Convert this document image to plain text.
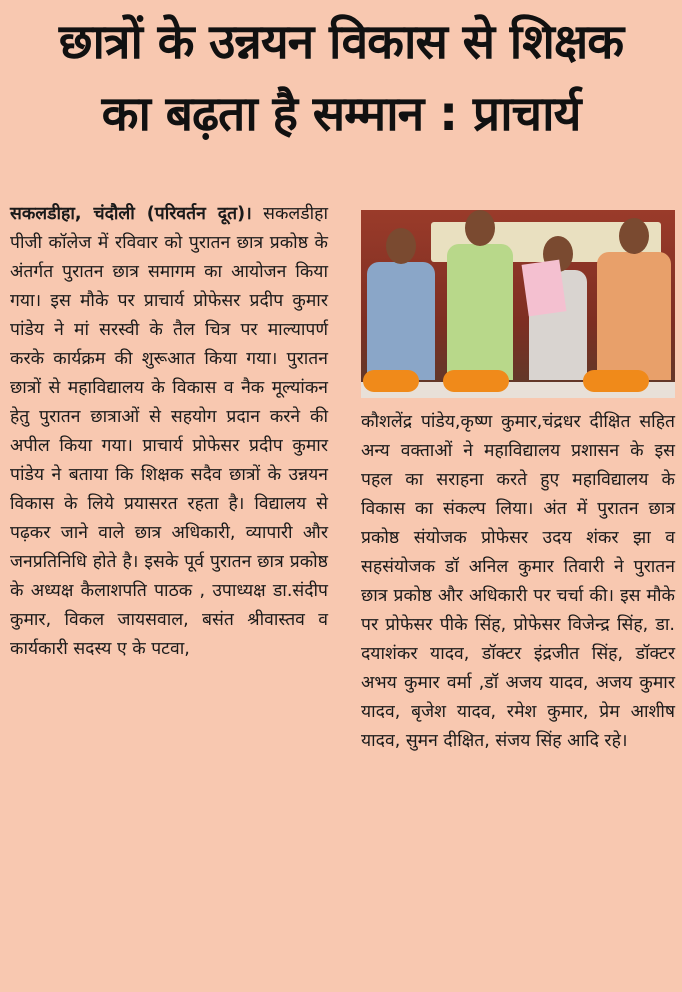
छात्रों के उन्नयन विकास से शिक्षक
का बढ़ता है सम्मान : प्राचार्य

सकलडीहा, चंदौली (परिवर्तन दूत)। सकलडीहा पीजी कॉलेज में रविवार को पुरातन छात्र प्रकोष्ठ के अंतर्गत पुरातन छात्र समागम का आयोजन किया गया। इस मौके पर प्राचार्य प्रोफेसर प्रदीप कुमार पांडेय ने मां सरस्वी के तैल चित्र पर माल्यापर्ण करके कार्यक्रम की शुरूआत किया गया। पुरातन छात्रों से महाविद्यालय के विकास व नैक मूल्यांकन हेतु पुरातन छात्राओं से सहयोग प्रदान करने की अपील किया गया। प्राचार्य प्रोफेसर प्रदीप कुमार पांडेय ने बताया कि शिक्षक सदैव छात्रों के उन्नयन विकास के लिये प्रयासरत रहता है। विद्यालय से पढ़कर जाने वाले छात्र अधिकारी, व्यापारी और जनप्रतिनिधि होते है। इसके पूर्व पुरातन छात्र प्रकोष्ठ के अध्यक्ष कैलाशपति पाठक , उपाध्यक्ष डा.संदीप कुमार, विकल जायसवाल, बसंत श्रीवास्तव व कार्यकारी सदस्य ए के पटवा,

कौशलेंद्र पांडेय,कृष्ण कुमार,चंद्रधर दीक्षित सहित अन्य वक्ताओं ने महाविद्यालय प्रशासन के इस पहल का सराहना करते हुए महाविद्यालय के विकास का संकल्प लिया। अंत में पुरातन छात्र प्रकोष्ठ संयोजक प्रोफेसर उदय शंकर झा व सहसंयोजक डॉ अनिल कुमार तिवारी ने पुरातन छात्र प्रकोष्ठ और अधिकारी पर चर्चा की। इस मौके पर प्रोफेसर पीके सिंह, प्रोफेसर विजेन्द्र सिंह, डा. दयाशंकर यादव, डॉक्टर इंद्रजीत सिंह, डॉक्टर अभय कुमार वर्मा ,डॉ अजय यादव, अजय कुमार यादव, बृजेश यादव, रमेश कुमार, प्रेम आशीष यादव, सुमन दीक्षित, संजय सिंह आदि रहे।
